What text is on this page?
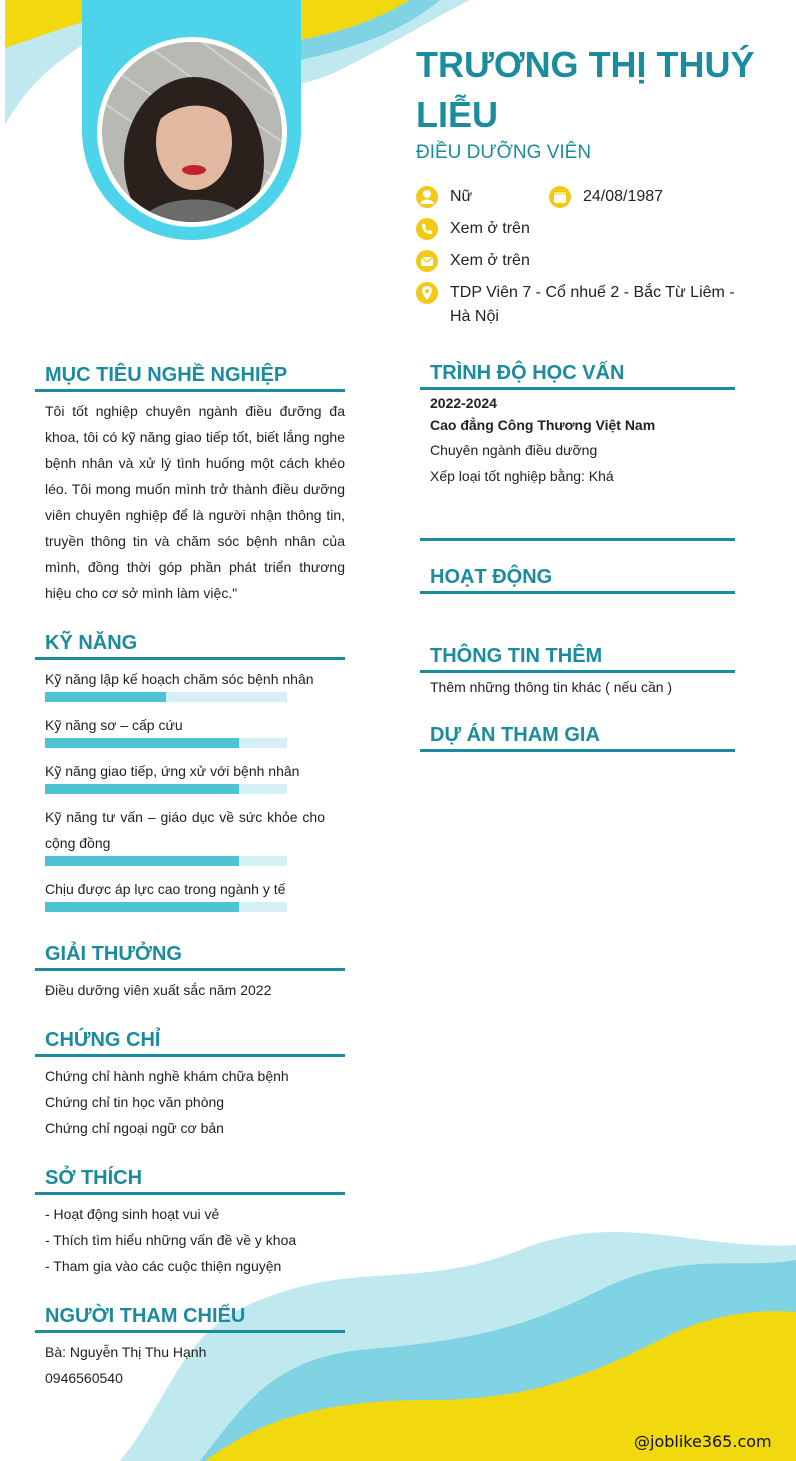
TRƯƠNG THỊ THUÝ LIỄU
ĐIỀU DƯỠNG VIÊN
Nữ	24/08/1987
Xem ở trên
Xem ở trên
TDP Viên 7 - Cổ nhuế 2 - Bắc Từ Liêm - Hà Nội
MỤC TIÊU NGHỀ NGHIỆP
Tôi tốt nghiệp chuyên ngành điều đưỡng đa khoa, tôi có kỹ năng giao tiếp tốt, biết lắng nghe bệnh nhân và xử lý tình huống một cách khéo léo. Tôi mong muốn mình trở thành điều dưỡng viên chuyên nghiệp để là người nhận thông tin, truyền thông tin và chăm sóc bệnh nhân của mình, đồng thời góp phần phát triển thương hiệu cho cơ sở mình làm việc."
KỸ NĂNG
Kỹ năng lập kế hoạch chăm sóc bệnh nhân
Kỹ năng sơ – cấp cứu
Kỹ năng giao tiếp, ứng xử với bệnh nhân
Kỹ năng tư vấn – giáo dục về sức khỏe cho cộng đồng
Chịu được áp lực cao trong ngành y tế
GIẢI THƯỞNG
Điều dưỡng viên xuất sắc năm 2022
CHỨNG CHỈ
Chứng chỉ hành nghề khám chữa bệnh
Chứng chỉ tin học văn phòng
Chứng chỉ ngoại ngữ cơ bản
SỞ THÍCH
- Hoạt động sinh hoạt vui vẻ
- Thích tìm hiểu những vấn đề về y khoa
- Tham gia vào các cuộc thiện nguyện
NGƯỜI THAM CHIẾU
Bà: Nguyễn Thị Thu Hạnh
0946560540
TRÌNH ĐỘ HỌC VẤN
2022-2024
Cao đẳng Công Thương Việt Nam
Chuyên ngành điều dưỡng
Xếp loại tốt nghiệp bằng: Khá
HOẠT ĐỘNG
THÔNG TIN THÊM
Thêm những thông tin khác ( nếu cần )
DỰ ÁN THAM GIA
@joblike365.com
